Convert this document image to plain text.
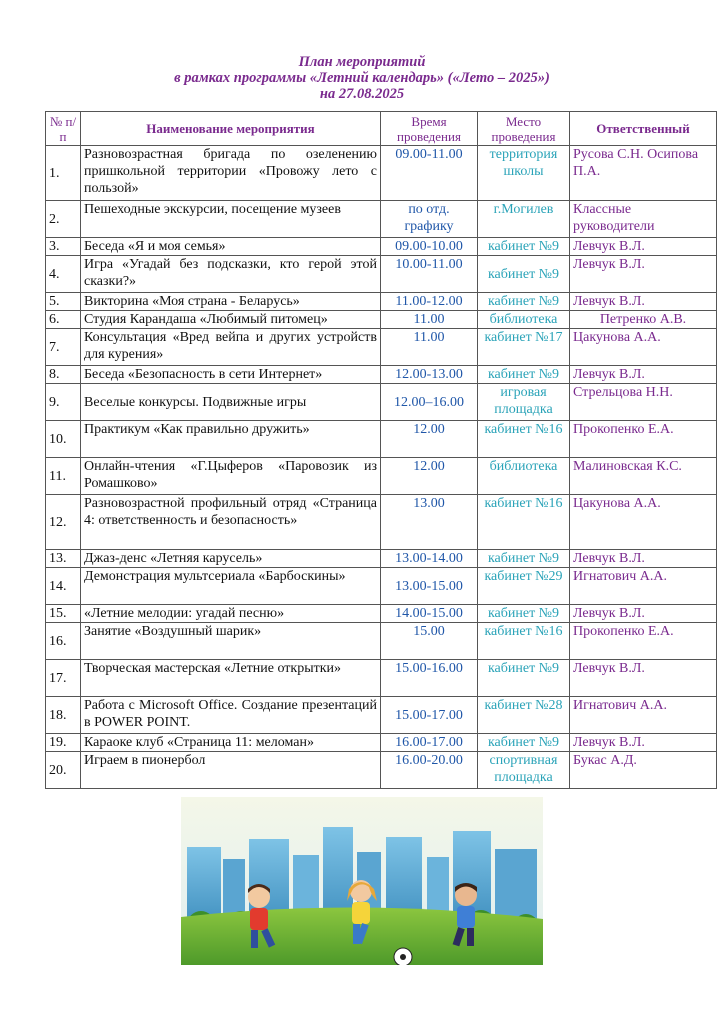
План мероприятий
в рамках программы «Летний календарь» («Лето – 2025»)
на 27.08.2025
№ п/п	Наименование мероприятия	Время проведения	Место проведения	Ответственный
1.	Разновозрастная бригада по озеленению пришкольной территории «Провожу лето с пользой»	09.00-11.00	территория школы	Русова С.Н. Осипова П.А.
2.	Пешеходные экскурсии, посещение музеев	по отд. графику	г.Могилев	Классные руководители
3.	Беседа «Я и моя семья»	09.00-10.00	кабинет №9	Левчук В.Л.
4.	Игра «Угадай без подсказки, кто герой этой сказки?»	10.00-11.00	кабинет №9	Левчук В.Л.
5.	Викторина «Моя страна - Беларусь»	11.00-12.00	кабинет №9	Левчук В.Л.
6.	Студия Карандаша «Любимый питомец»	11.00	библиотека	Петренко А.В.
7.	Консультация «Вред вейпа и других устройств для курения»	11.00	кабинет №17	Цакунова А.А.
8.	Беседа «Безопасность в сети Интернет»	12.00-13.00	кабинет №9	Левчук В.Л.
9.	Веселые конкурсы. Подвижные игры	12.00–16.00	игровая площадка	Стрельцова Н.Н.
10.	Практикум «Как правильно дружить»	12.00	кабинет №16	Прокопенко Е.А.
11.	Онлайн-чтения «Г.Цыферов «Паровозик из Ромашково»	12.00	библиотека	Малиновская К.С.
12.	Разновозрастной профильный отряд «Страница 4: ответственность и безопасность»	13.00	кабинет №16	Цакунова А.А.
13.	Джаз-денс «Летняя карусель»	13.00-14.00	кабинет №9	Левчук В.Л.
14.	Демонстрация мультсериала «Барбоскины»	13.00-15.00	кабинет №29	Игнатович А.А.
15.	«Летние мелодии: угадай песню»	14.00-15.00	кабинет №9	Левчук В.Л.
16.	Занятие «Воздушный шарик»	15.00	кабинет №16	Прокопенко Е.А.
17.	Творческая мастерская «Летние открытки»	15.00-16.00	кабинет №9	Левчук В.Л.
18.	Работа с Microsoft Office. Создание презентаций в POWER POINT.	15.00-17.00	кабинет №28	Игнатович А.А.
19.	Караоке клуб «Страница 11: меломан»	16.00-17.00	кабинет №9	Левчук В.Л.
20.	Играем в пионербол	16.00-20.00	спортивная площадка	Букас А.Д.
